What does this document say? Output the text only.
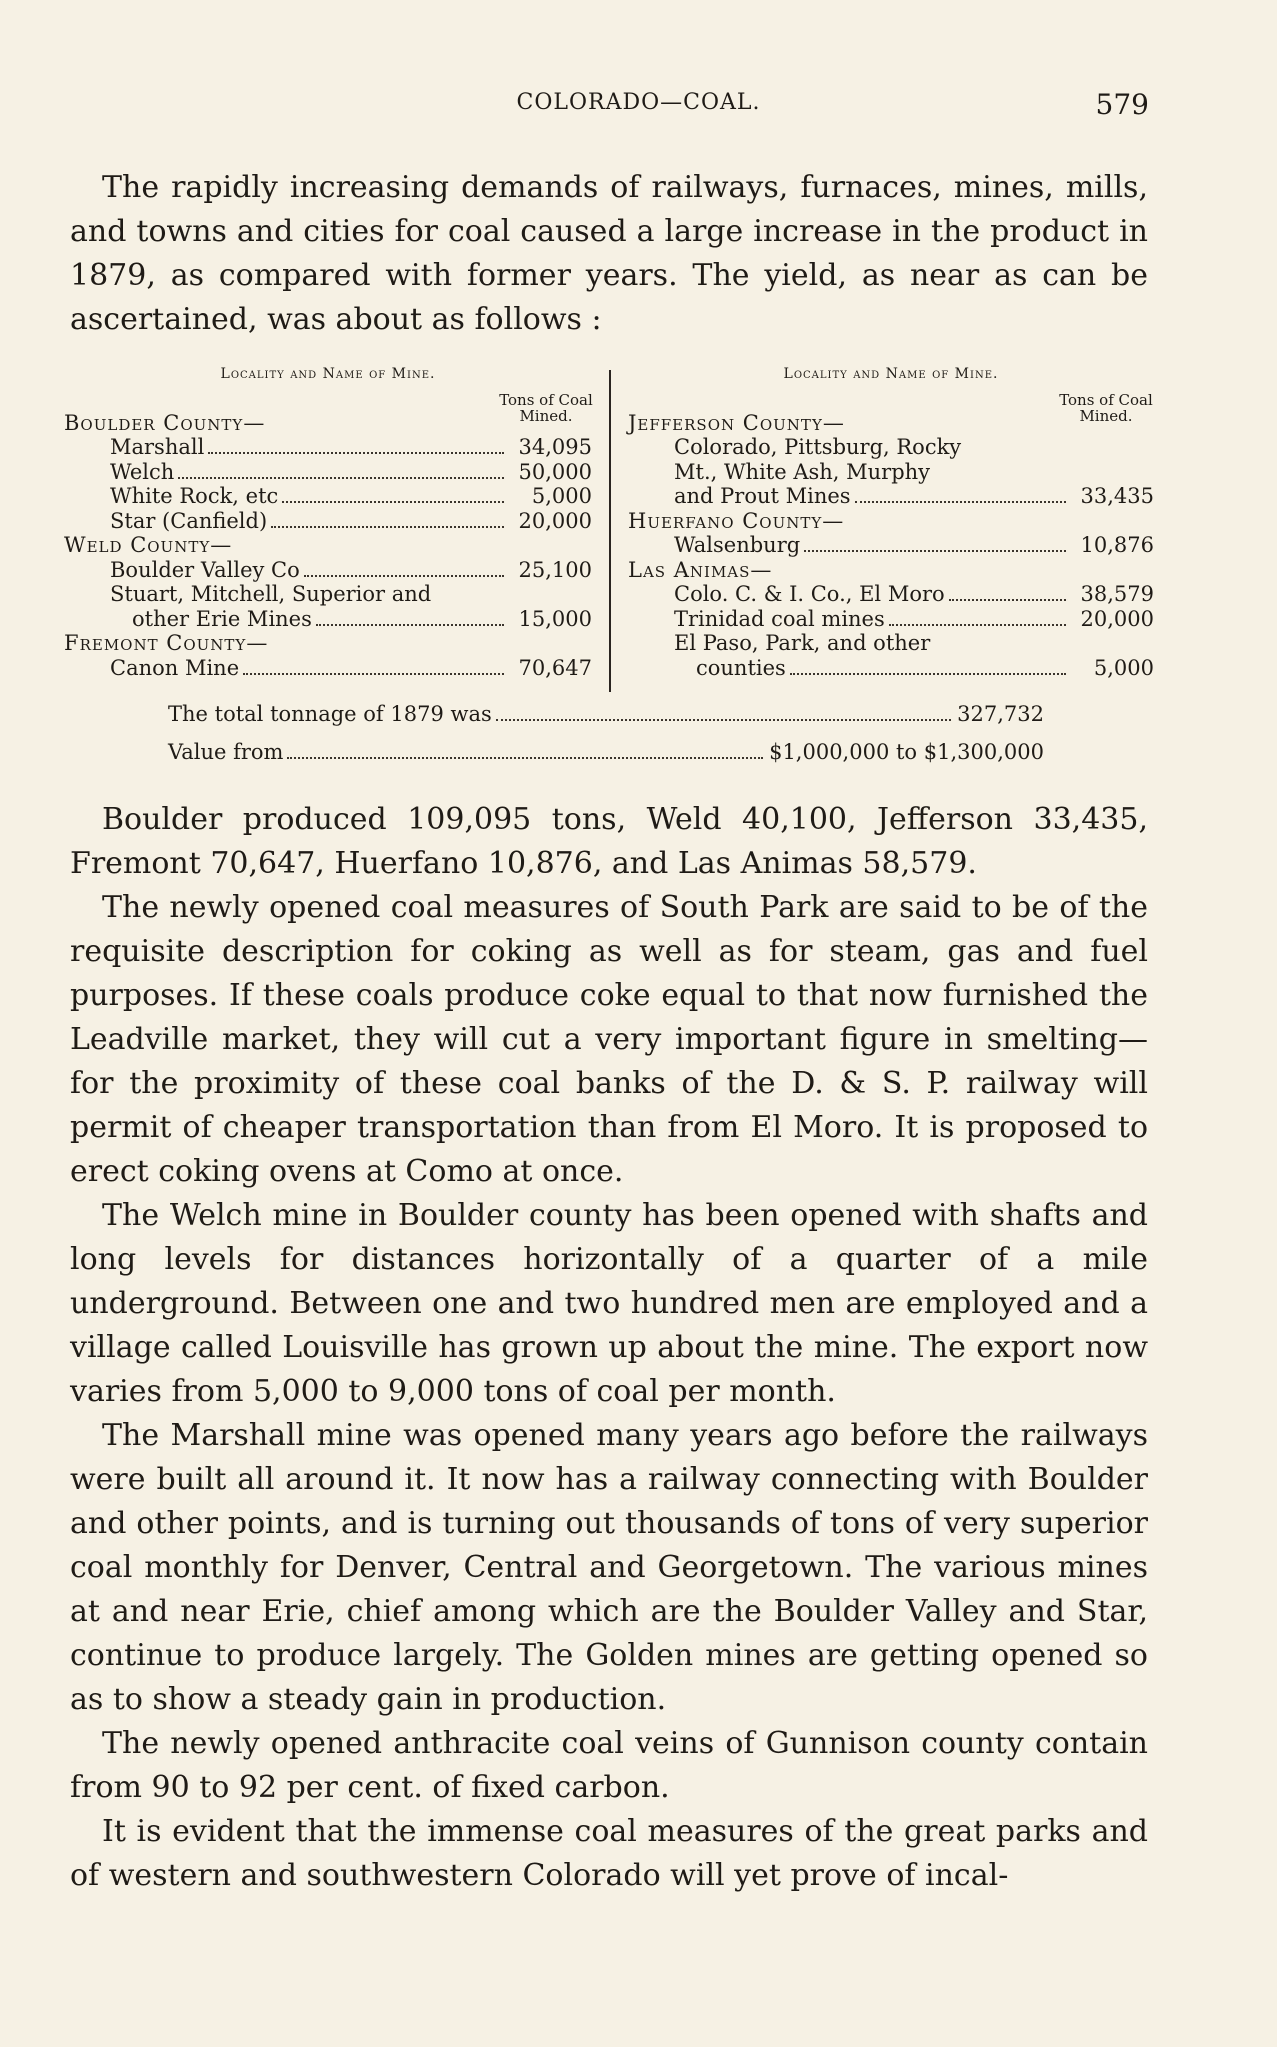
COLORADO—COAL.	579

The rapidly increasing demands of railways, furnaces, mines, mills, and towns and cities for coal caused a large increase in the product in 1879, as compared with former years. The yield, as near as can be ascertained, was about as follows :

Locality and Name of Mine.
Tons of Coal Mined.
Boulder County—
Marshall	34,095
Welch	50,000
White Rock, etc	5,000
Star (Canfield)	20,000
Weld County—
Boulder Valley Co	25,100
Stuart, Mitchell, Superior and
other Erie Mines	15,000
Fremont County—
Canon Mine	70,647
Locality and Name of Mine.
Tons of Coal Mined.
Jefferson County—
Colorado, Pittsburg, Rocky
Mt., White Ash, Murphy
and Prout Mines	33,435
Huerfano County—
Walsenburg	10,876
Las Animas—
Colo. C. & I. Co., El Moro	38,579
Trinidad coal mines	20,000
El Paso, Park, and other
counties	5,000
The total tonnage of 1879 was	327,732
Value from	$1,000,000 to $1,300,000

Boulder produced 109,095 tons, Weld 40,100, Jefferson 33,435, Fremont 70,647, Huerfano 10,876, and Las Animas 58,579.

The newly opened coal measures of South Park are said to be of the requisite description for coking as well as for steam, gas and fuel purposes. If these coals produce coke equal to that now furnished the Leadville market, they will cut a very important figure in smelting—for the proximity of these coal banks of the D. & S. P. railway will permit of cheaper transportation than from El Moro. It is proposed to erect coking ovens at Como at once.

The Welch mine in Boulder county has been opened with shafts and long levels for distances horizontally of a quarter of a mile underground. Between one and two hundred men are employed and a village called Louisville has grown up about the mine. The export now varies from 5,000 to 9,000 tons of coal per month.

The Marshall mine was opened many years ago before the railways were built all around it. It now has a railway connecting with Boulder and other points, and is turning out thousands of tons of very superior coal monthly for Denver, Central and Georgetown. The various mines at and near Erie, chief among which are the Boulder Valley and Star, continue to produce largely. The Golden mines are getting opened so as to show a steady gain in production.

The newly opened anthracite coal veins of Gunnison county contain from 90 to 92 per cent. of fixed carbon.

It is evident that the immense coal measures of the great parks and of western and southwestern Colorado will yet prove of incal-
